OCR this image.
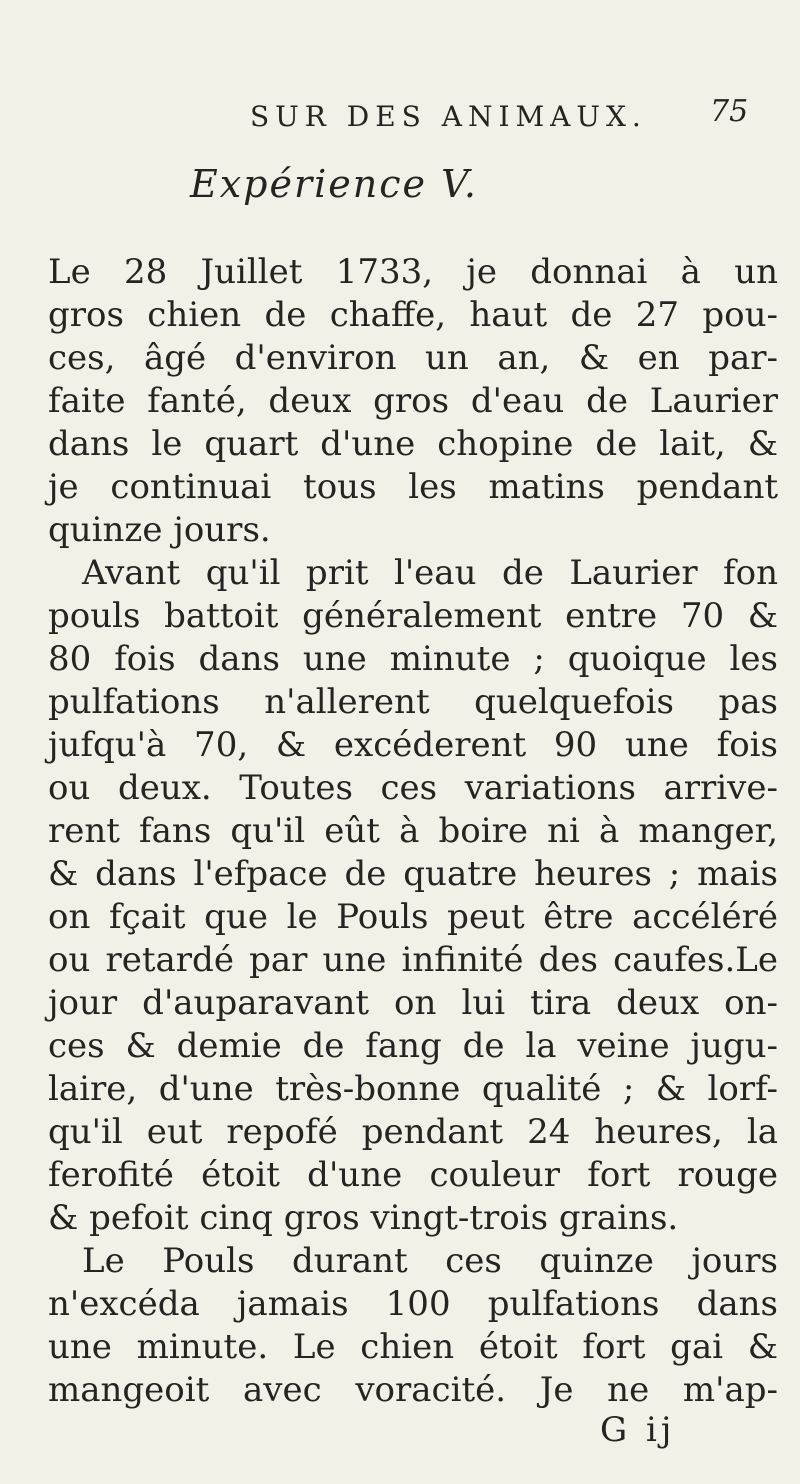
SUR DES ANIMAUX. 75
Expérience V.
Le 28 Juillet 1733, je donnai à un
gros chien de chaffe, haut de 27 pou-
ces, âgé d'environ un an, & en par-
faite fanté, deux gros d'eau de Laurier
dans le quart d'une chopine de lait, &
je continuai tous les matins pendant
quinze jours.
Avant qu'il prit l'eau de Laurier fon
pouls battoit généralement entre 70 &
80 fois dans une minute ; quoique les
pulfations n'allerent quelquefois pas
jufqu'à 70, & excéderent 90 une fois
ou deux. Toutes ces variations arrive-
rent fans qu'il eût à boire ni à manger,
& dans l'efpace de quatre heures ; mais
on fçait que le Pouls peut être accéléré
ou retardé par une infinité des caufes.Le
jour d'auparavant on lui tira deux on-
ces & demie de fang de la veine jugu-
laire, d'une très-bonne qualité ; & lorf-
qu'il eut repofé pendant 24 heures, la
ferofité étoit d'une couleur fort rouge
& pefoit cinq gros vingt-trois grains.
Le Pouls durant ces quinze jours
n'excéda jamais 100 pulfations dans
une minute. Le chien étoit fort gai &
mangeoit avec voracité. Je ne m'ap-
G ij
